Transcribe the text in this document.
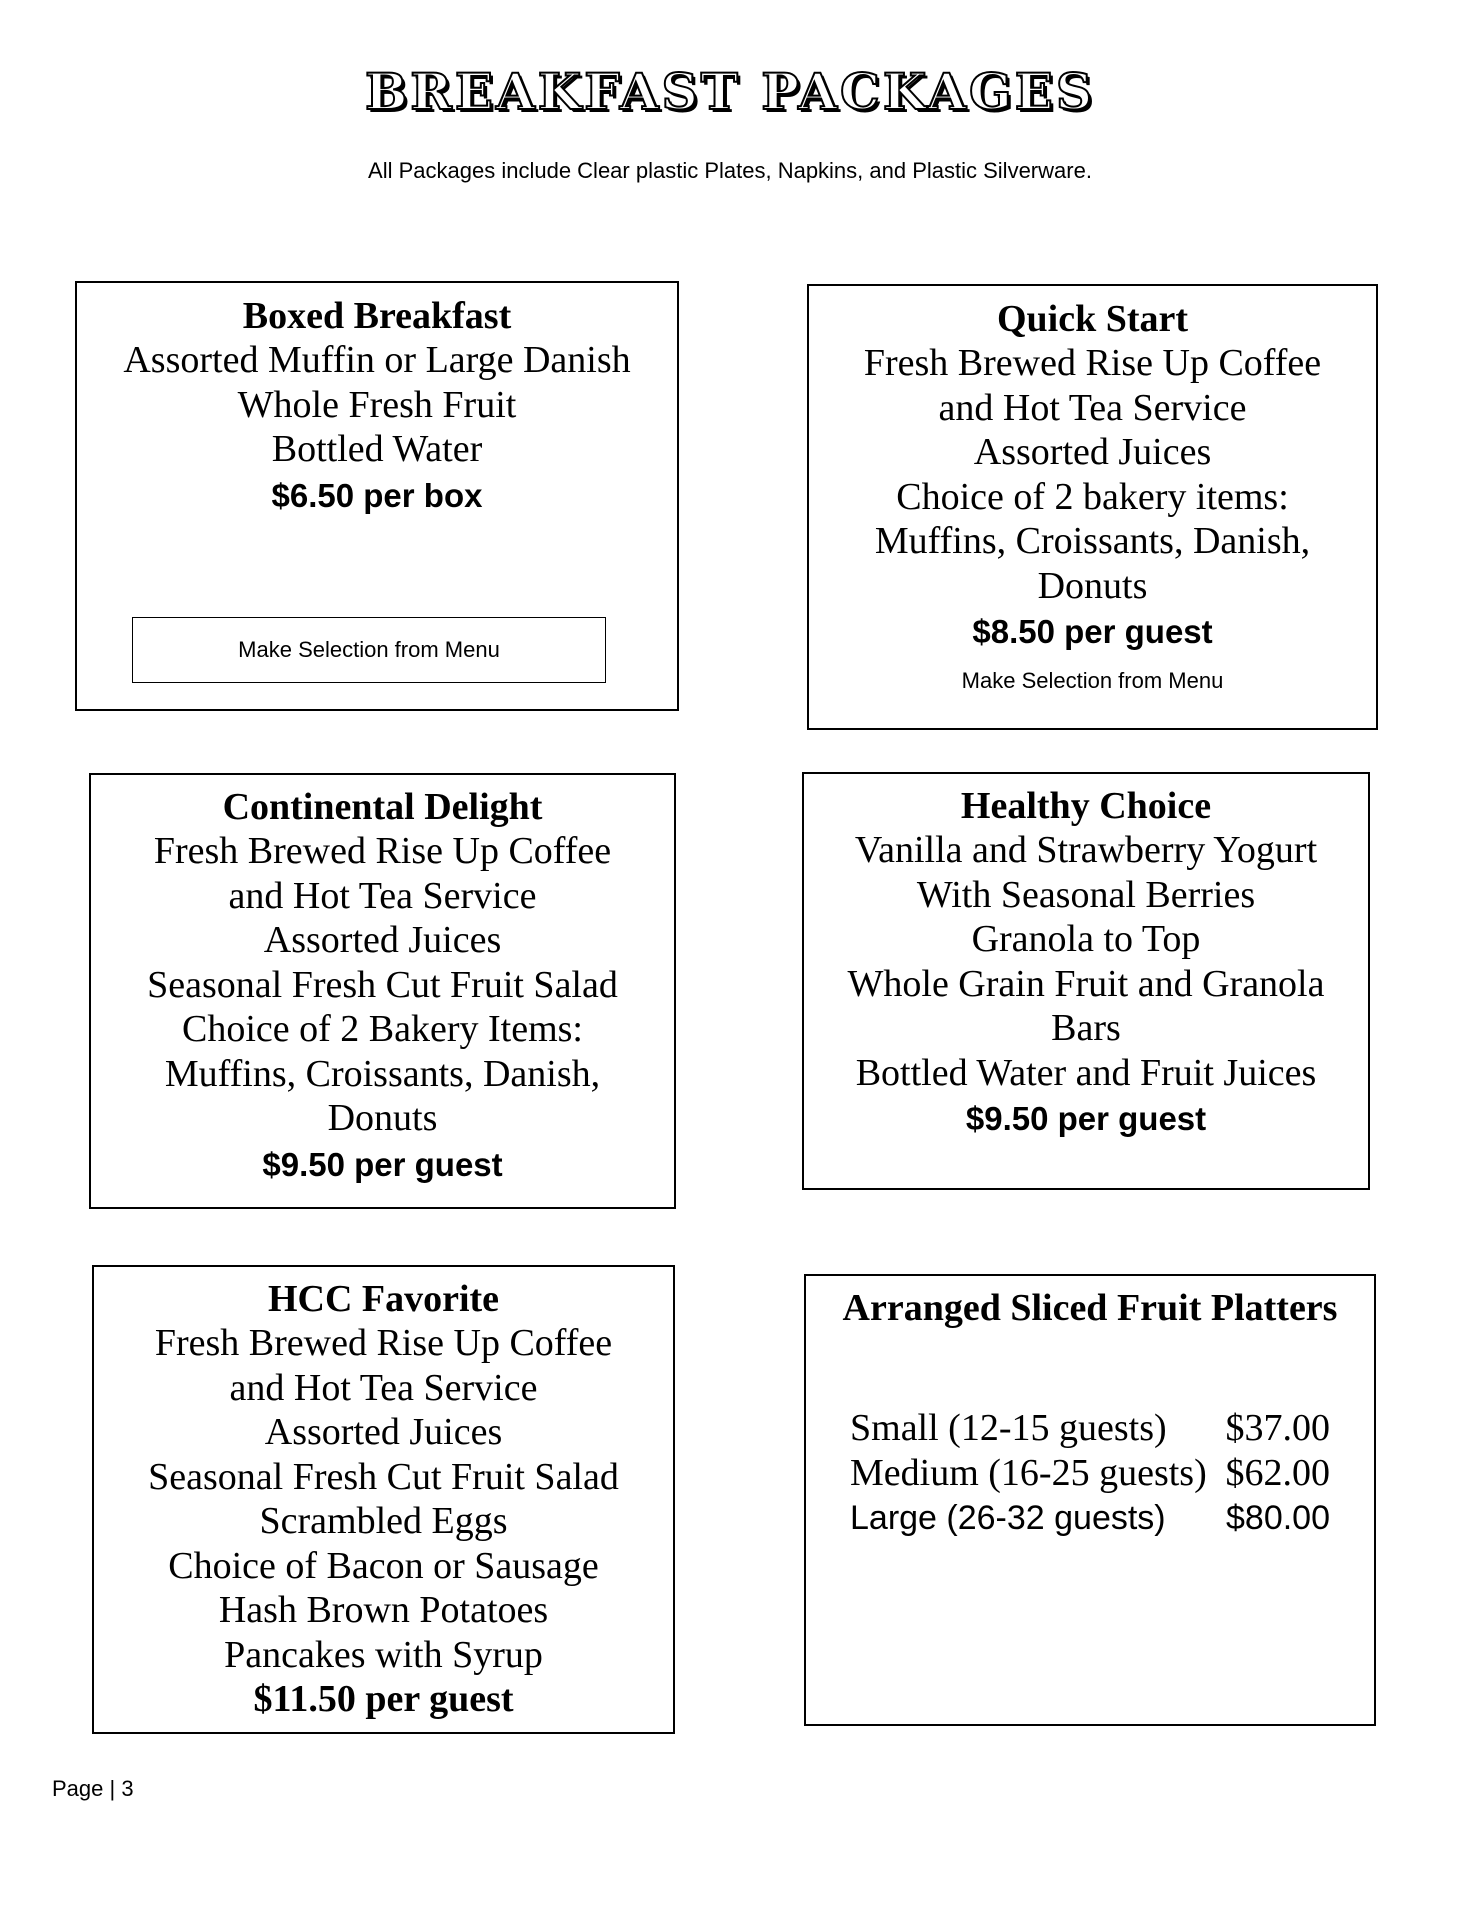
BREAKFAST PACKAGES
All Packages include Clear plastic Plates, Napkins, and Plastic Silverware.
Boxed Breakfast
Assorted Muffin or Large Danish
Whole Fresh Fruit
Bottled Water
$6.50 per box
Make Selection from Menu
Quick Start
Fresh Brewed Rise Up Coffee
and Hot Tea Service
Assorted Juices
Choice of 2 bakery items:
Muffins, Croissants, Danish,
Donuts
$8.50 per guest
Make Selection from Menu
Continental Delight
Fresh Brewed Rise Up Coffee
and Hot Tea Service
Assorted Juices
Seasonal Fresh Cut Fruit Salad
Choice of 2 Bakery Items:
Muffins, Croissants, Danish,
Donuts
$9.50 per guest
Healthy Choice
Vanilla and Strawberry Yogurt
With Seasonal Berries
Granola to Top
Whole Grain Fruit and Granola
Bars
Bottled Water and Fruit Juices
$9.50 per guest
HCC Favorite
Fresh Brewed Rise Up Coffee
and Hot Tea Service
Assorted Juices
Seasonal Fresh Cut Fruit Salad
Scrambled Eggs
Choice of Bacon or Sausage
Hash Brown Potatoes
Pancakes with Syrup
$11.50 per guest
Arranged Sliced Fruit Platters
Small (12-15 guests)	$37.00
Medium (16-25 guests) $62.00
Large (26-32 guests)	$80.00
Page | 3
